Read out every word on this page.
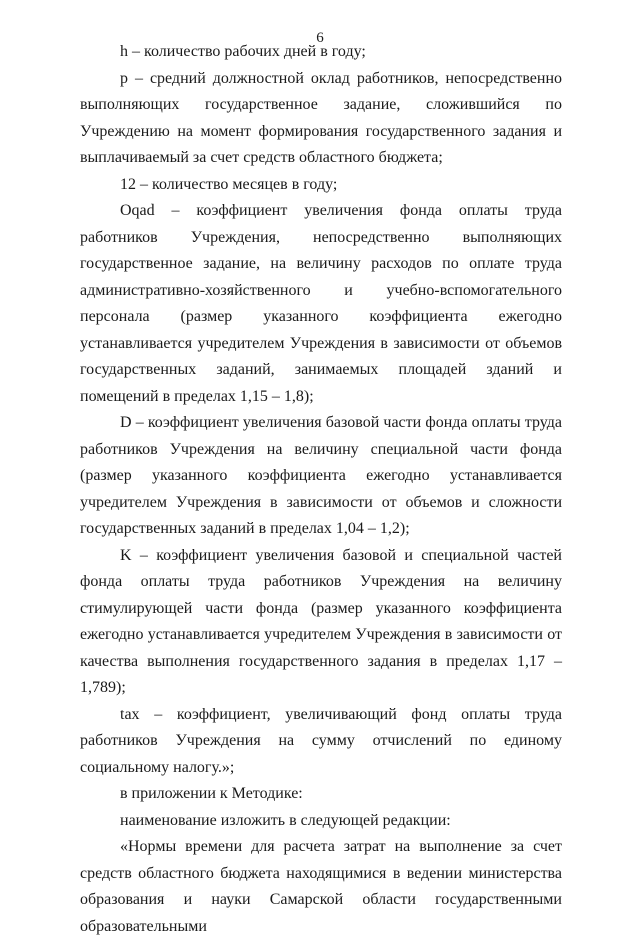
6

h – количество рабочих дней в году;

p – средний должностной оклад работников, непосредственно выполняющих государственное задание, сложившийся по Учреждению на момент формирования государственного задания и выплачиваемый за счет средств областного бюджета;

12 – количество месяцев в году;

Oqad – коэффициент увеличения фонда оплаты труда работников Учреждения, непосредственно выполняющих государственное задание, на величину расходов по оплате труда административно-хозяйственного и учебно-вспомогательного персонала (размер указанного коэффициента ежегодно устанавливается учредителем Учреждения в зависимости от объемов государственных заданий, занимаемых площадей зданий и помещений в пределах 1,15 – 1,8);

D – коэффициент увеличения базовой части фонда оплаты труда работников Учреждения на величину специальной части фонда (размер указанного коэффициента ежегодно устанавливается учредителем Учреждения в зависимости от объемов и сложности государственных заданий в пределах 1,04 – 1,2);

K – коэффициент увеличения базовой и специальной частей фонда оплаты труда работников Учреждения на величину стимулирующей части фонда (размер указанного коэффициента ежегодно устанавливается учредителем Учреждения в зависимости от качества выполнения государственного задания в пределах 1,17 – 1,789);

tax – коэффициент, увеличивающий фонд оплаты труда работников Учреждения на сумму отчислений по единому социальному налогу.»;

в приложении к Методике:

наименование изложить в следующей редакции:

«Нормы времени для расчета затрат на выполнение за счет средств областного бюджета находящимися в ведении министерства образования и науки Самарской области государственными образовательными
